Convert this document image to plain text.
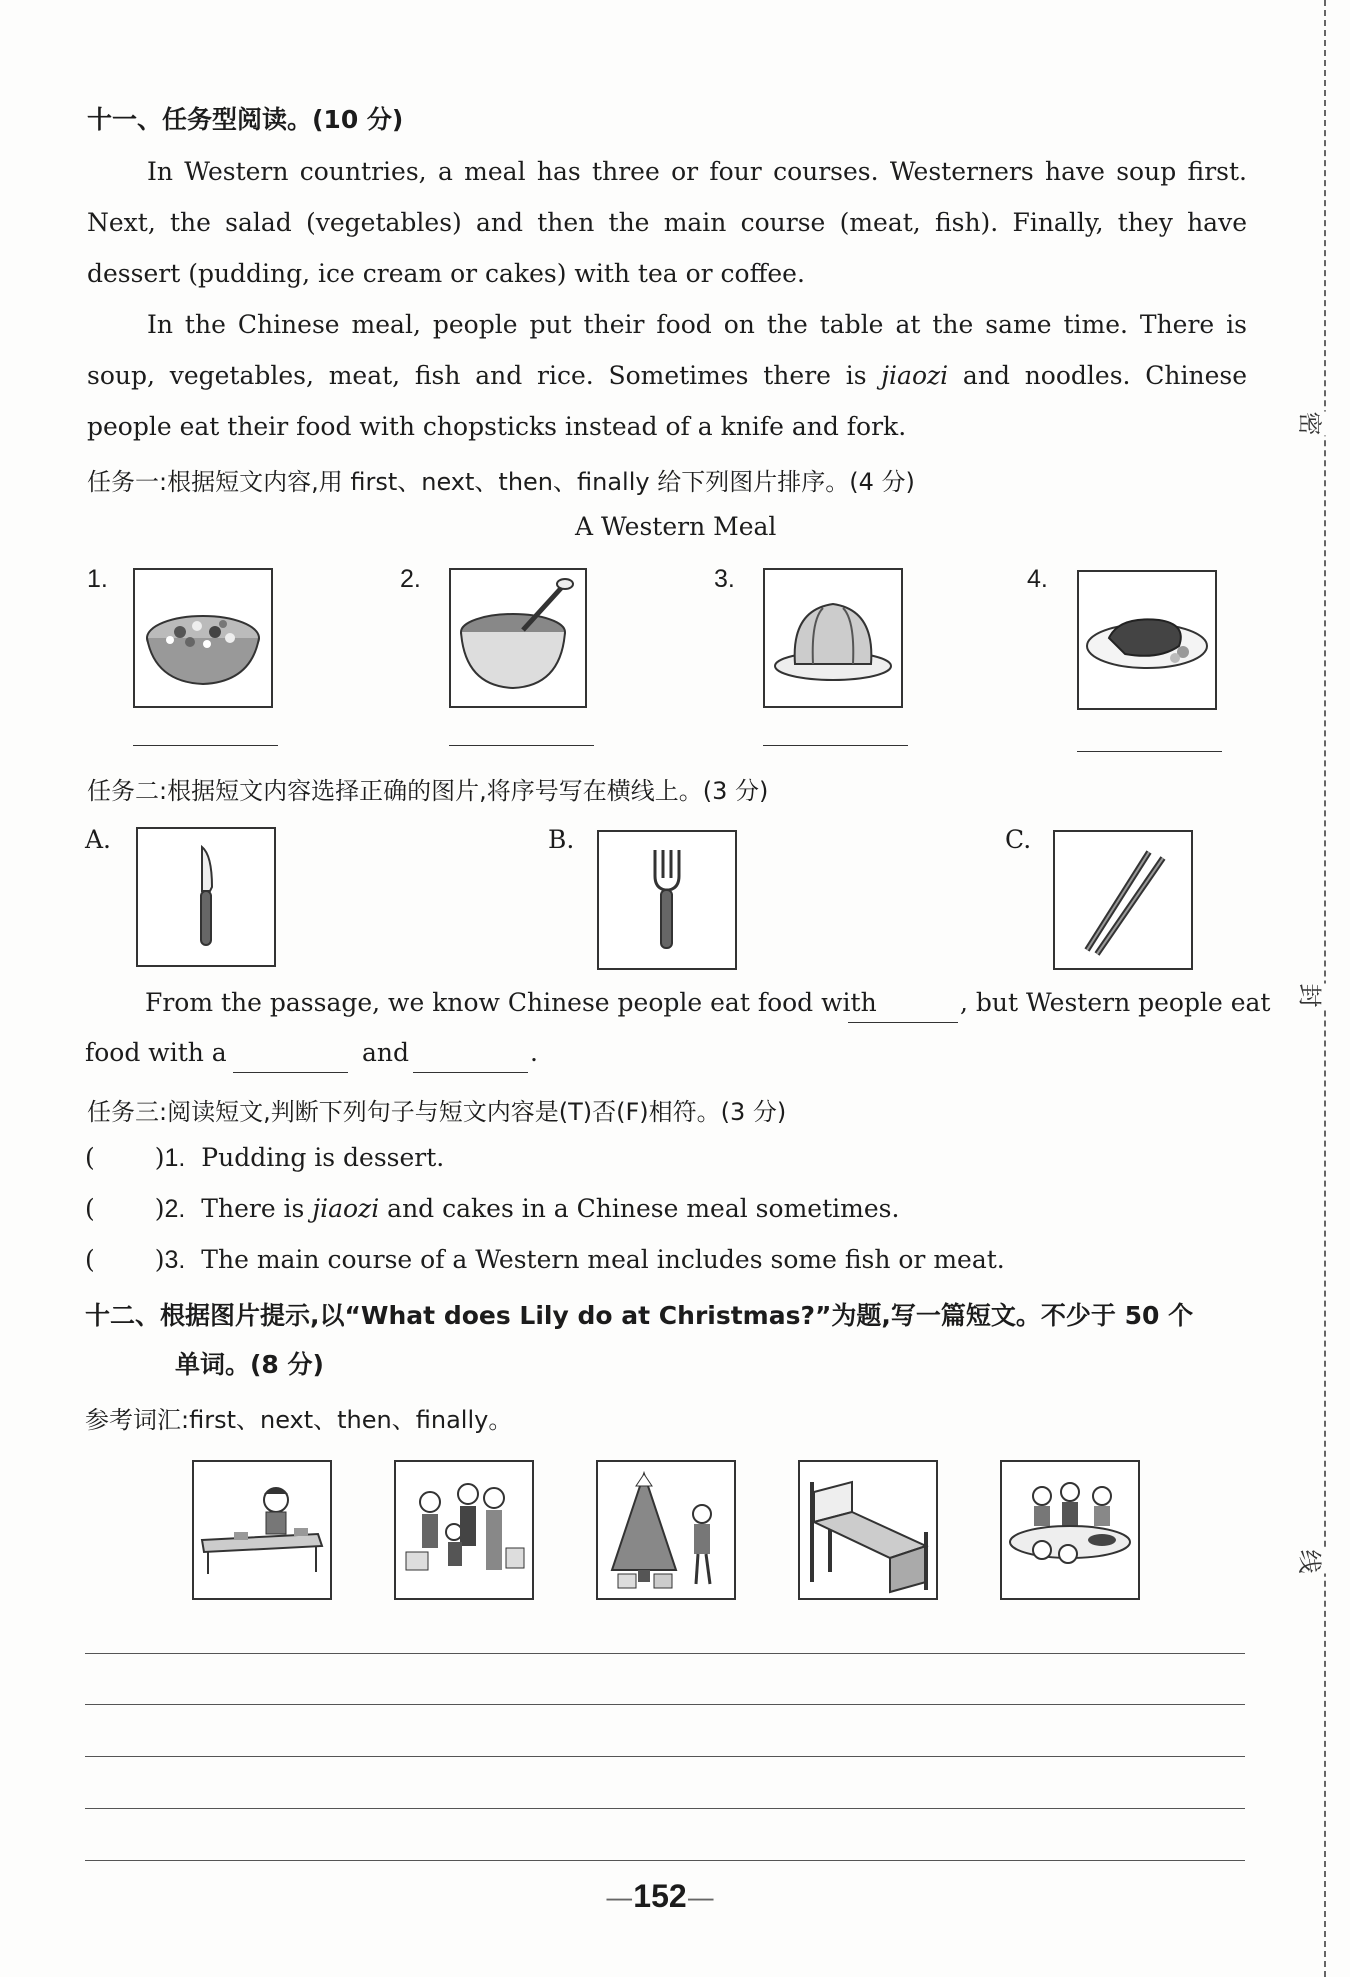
密
封
线
十一、任务型阅读。(10 分)

In Western countries, a meal has three or four courses. Westerners have soup first. Next, the salad (vegetables) and then the main course (meat, fish). Finally, they have dessert (pudding, ice cream or cakes) with tea or coffee.

In the Chinese meal, people put their food on the table at the same time. There is soup, vegetables, meat, fish and rice. Sometimes there is jiaozi and noodles. Chinese people eat their food with chopsticks instead of a knife and fork.

任务一:根据短文内容,用 first、next、then、finally 给下列图片排序。(4 分)
A Western Meal
1.	2.	3.	4.
任务二:根据短文内容选择正确的图片,将序号写在横线上。(3 分)
A.	B.	C.
From the passage, we know Chinese people eat food with	, but Western people eat
food with a	and	.
任务三:阅读短文,判断下列句子与短文内容是(T)否(F)相符。(3 分)
( )1. Pudding is dessert.
( )2. There is jiaozi and cakes in a Chinese meal sometimes.
( )3. The main course of a Western meal includes some fish or meat.
十二、根据图片提示,以“What does Lily do at Christmas?”为题,写一篇短文。不少于 50 个
单词。(8 分)
参考词汇:first、next、then、finally。
—152—
